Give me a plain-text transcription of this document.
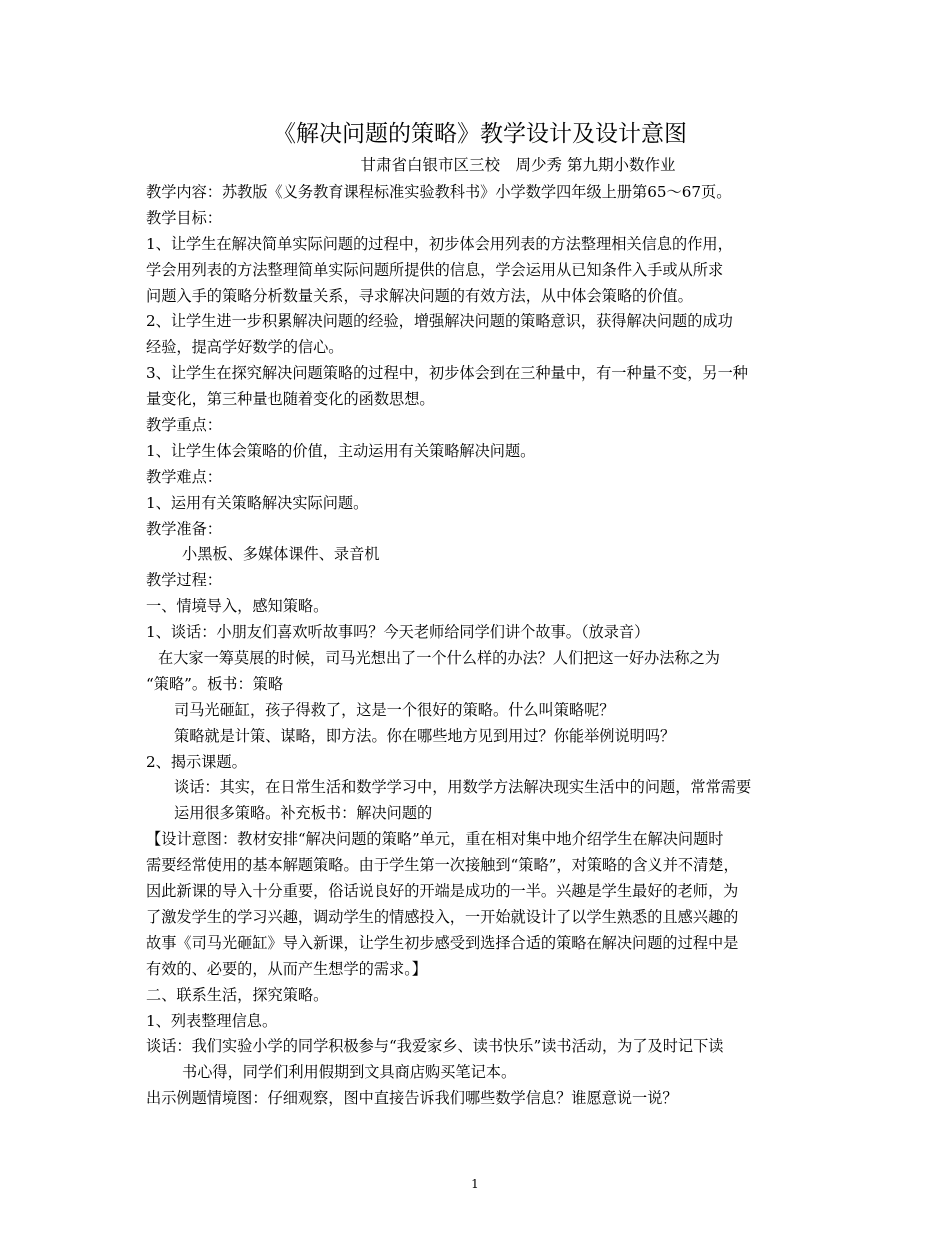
《解决问题的策略》教学设计及设计意图
甘肃省白银市区三校　周少秀 第九期小数作业
教学内容：苏教版《义务教育课程标准实验教科书》小学数学四年级上册第65～67页。
教学目标：
1、让学生在解决简单实际问题的过程中，初步体会用列表的方法整理相关信息的作用，
学会用列表的方法整理简单实际问题所提供的信息，学会运用从已知条件入手或从所求
问题入手的策略分析数量关系，寻求解决问题的有效方法，从中体会策略的价值。
2、让学生进一步积累解决问题的经验，增强解决问题的策略意识，获得解决问题的成功
经验，提高学好数学的信心。
3、让学生在探究解决问题策略的过程中，初步体会到在三种量中，有一种量不变，另一种
量变化，第三种量也随着变化的函数思想。
教学重点：
1、让学生体会策略的价值，主动运用有关策略解决问题。
教学难点：
1、运用有关策略解决实际问题。
教学准备：
小黑板、多媒体课件、录音机
教学过程：
一、情境导入，感知策略。
1、谈话：小朋友们喜欢听故事吗？今天老师给同学们讲个故事。（放录音）
在大家一筹莫展的时候，司马光想出了一个什么样的办法？人们把这一好办法称之为
“策略”。板书：策略
司马光砸缸，孩子得救了，这是一个很好的策略。什么叫策略呢？
策略就是计策、谋略，即方法。你在哪些地方见到用过？你能举例说明吗？
2、揭示课题。
谈话：其实，在日常生活和数学学习中，用数学方法解决现实生活中的问题，常常需要
运用很多策略。补充板书：解决问题的
【设计意图：教材安排“解决问题的策略”单元，重在相对集中地介绍学生在解决问题时
需要经常使用的基本解题策略。由于学生第一次接触到“策略”，对策略的含义并不清楚，
因此新课的导入十分重要，俗话说良好的开端是成功的一半。兴趣是学生最好的老师，为
了激发学生的学习兴趣，调动学生的情感投入，一开始就设计了以学生熟悉的且感兴趣的
故事《司马光砸缸》导入新课，让学生初步感受到选择合适的策略在解决问题的过程中是
有效的、必要的，从而产生想学的需求。】
二、联系生活，探究策略。
1、列表整理信息。
谈话：我们实验小学的同学积极参与“我爱家乡、读书快乐”读书活动，为了及时记下读
书心得，同学们利用假期到文具商店购买笔记本。
出示例题情境图：仔细观察，图中直接告诉我们哪些数学信息？谁愿意说一说？
1
